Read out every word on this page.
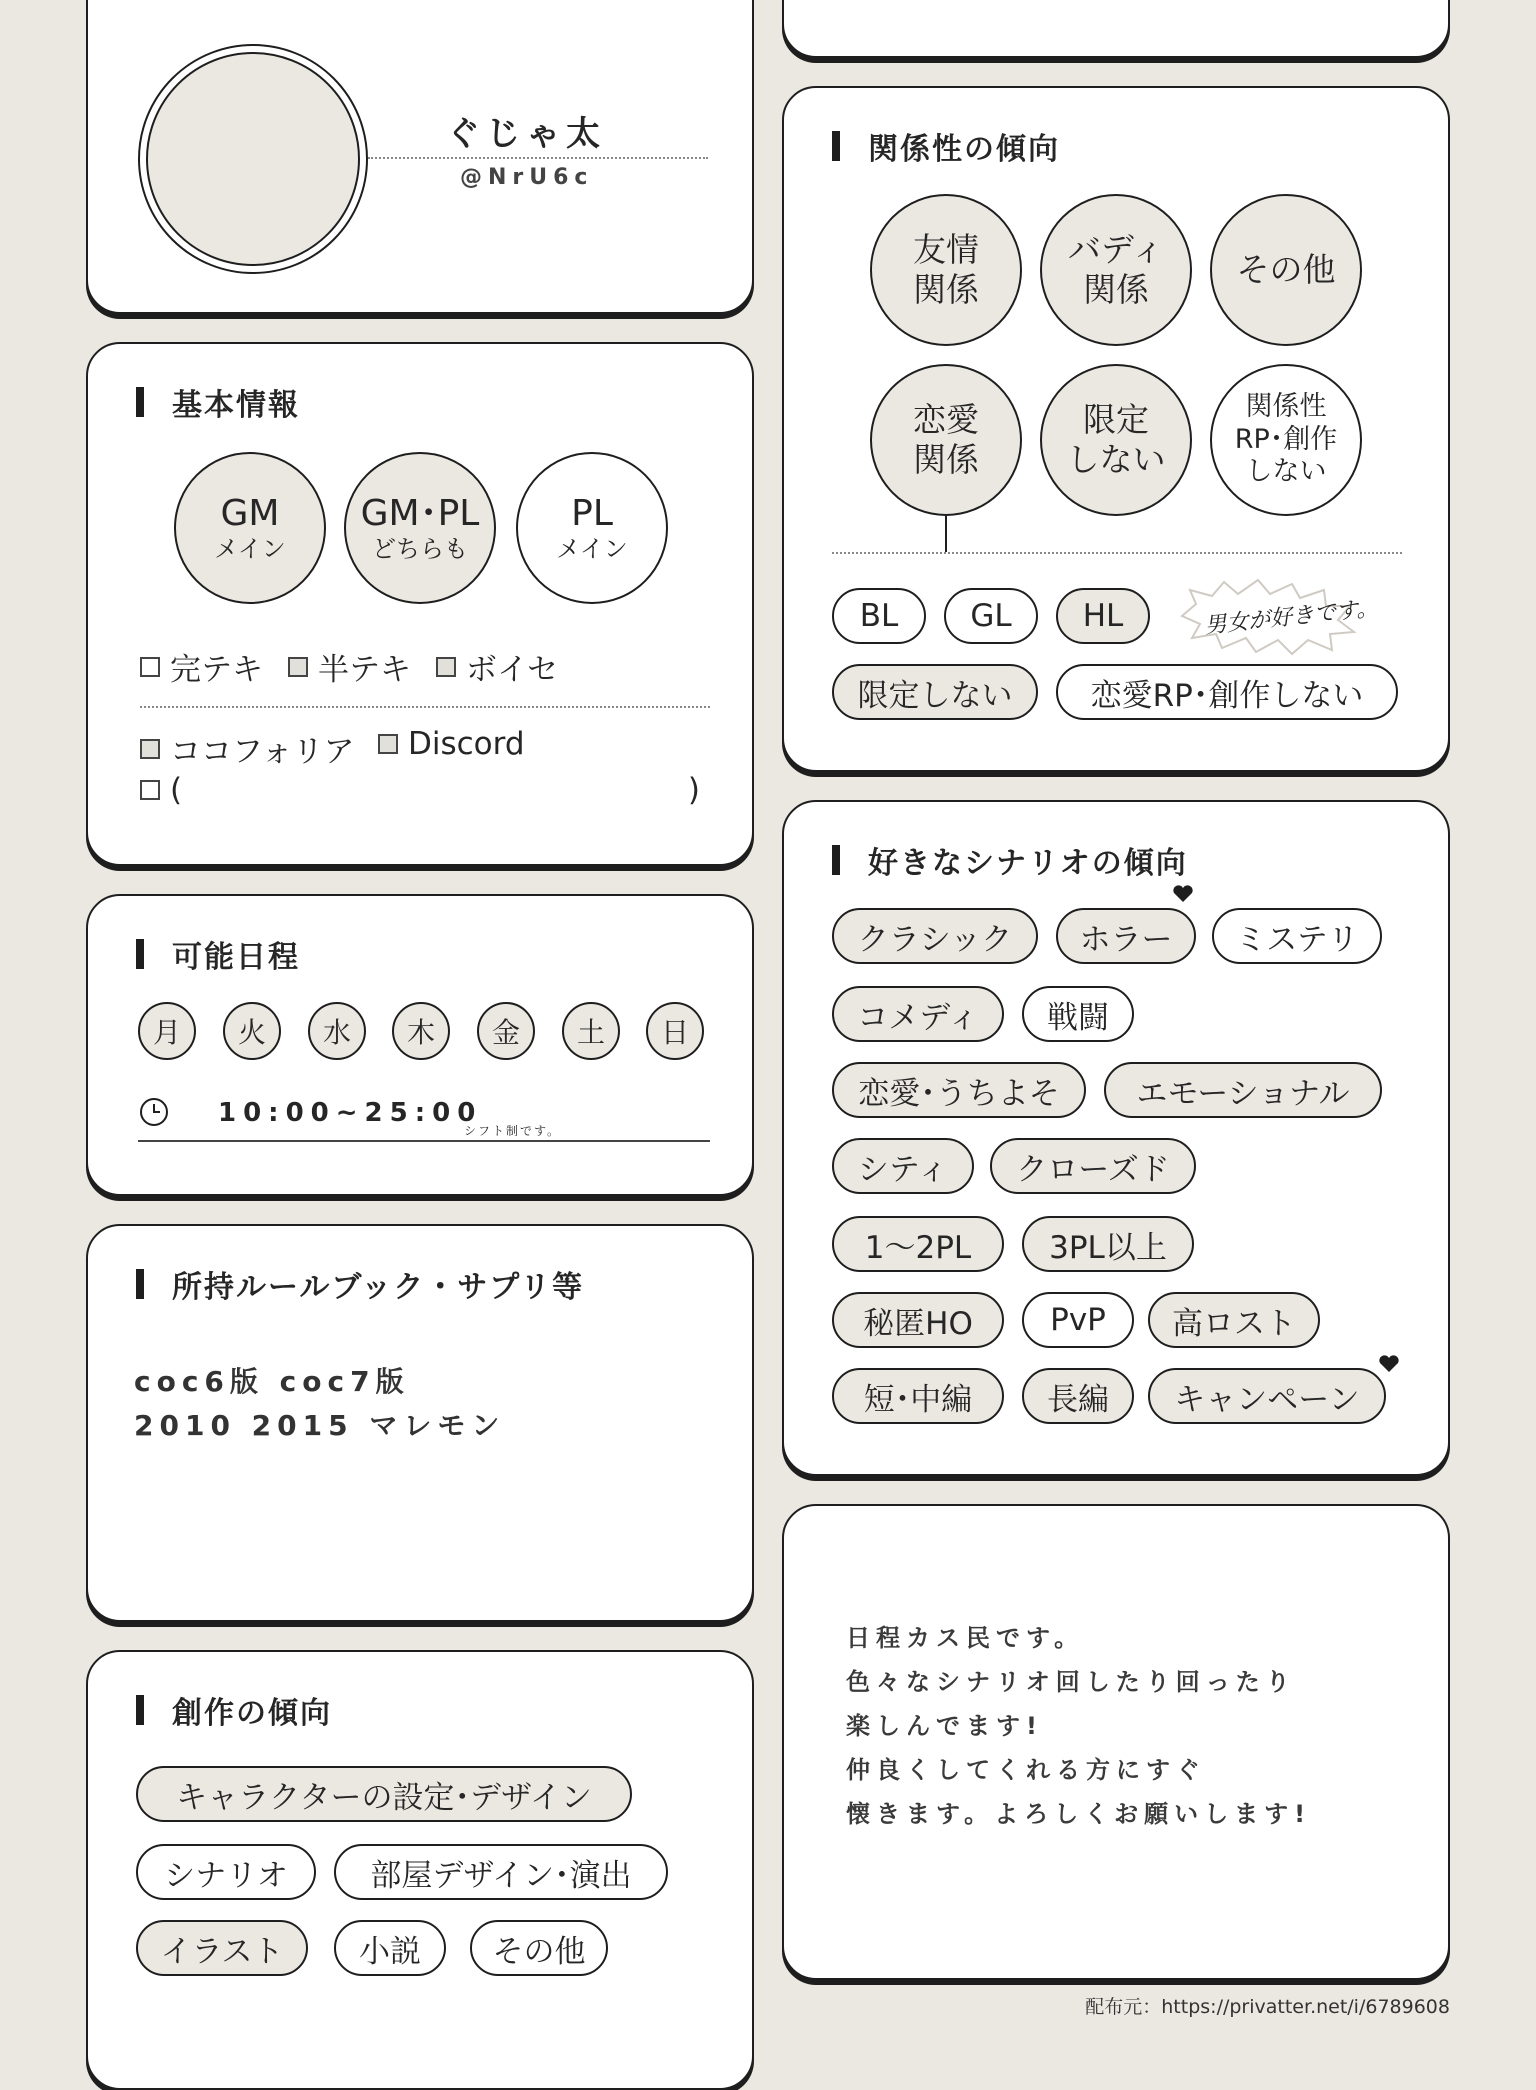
ぐじゃ太
@NrU6c
基本情報
GM
メイン
GM･PL
どちらも
PL
メイン
完テキ 半テキ ボイセ
ココフォリア Discord
(	)
可能日程
月	火	水	木	金	土	日
10:00~25:00
シフト制です。
所持ルールブック・サプリ等
coc6版 coc7版
2010 2015 マレモン
創作の傾向
キャラクターの設定･デザイン
シナリオ	部屋デザイン･演出
イラスト	小説	その他
関係性の傾向
友情
関係
バディ
関係
その他
恋愛
関係
限定
しない
関係性
RP･創作
しない
BL	GL	HL	男女が好きです。
限定しない	恋愛RP･創作しない
好きなシナリオの傾向
クラシック	ホラー	ミステリ
コメディ	戦闘
恋愛･うちよそ	エモーショナル
シティ	クローズド
1〜2PL	3PL以上
秘匿HO	PvP	高ロスト
短･中編	長編	キャンペーン
日程カス民です。
色々なシナリオ回したり回ったり
楽しんでます!
仲良くしてくれる方にすぐ
懐きます。よろしくお願いします!
配布元：https://privatter.net/i/6789608
